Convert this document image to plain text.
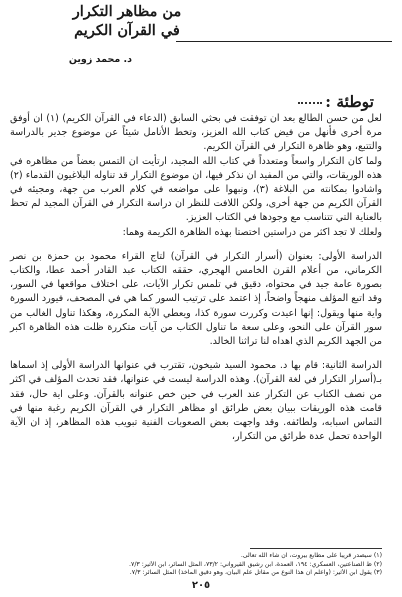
من مظاهر التكرار
في القرآن الكريم
د. محمد زوين
توطئة :

لعل من حسن الطالع بعد ان توفقت في بحثي السابق (الدعاء في القرآن الكريم) (١) ان أوفق مرة أخرى فأنهل من فيض كتاب الله العزيز، وتخط الأنامل شيئاً عن موضوع جدير بالدراسة والتتبع، وهو ظاهرة التكرار في القرآن الكريم.

ولما كان التكرار واسعاً ومتعدداً في كتاب الله المجيد، ارتأيت ان التمس بعضاً من مظاهره في هذه الوريقات، والتي من المفيد ان نذكر فيها، ان موضوع التكرار قد تناوله البلاغيون القدماء (٢) واشادوا بمكانته من البلاغة (٣)، ونبهوا على مواضعه في كلام العرب من جهة، ومجيئه في القرآن الكريم من جهة أخرى، ولكن اللافت للنظر ان دراسة التكرار في القرآن المجيد لم تحظ بالعناية التي تتناسب مع وجودها في الكتاب العزيز.

ولعلك لا تجد اكثر من دراستين اختصتا بهذه الظاهرة الكريمة وهما:

الدراسة الأولى: بعنوان (أسرار التكرار في القرآن) لتاج القراء محمود بن حمزة بن نصر الكرماني، من أعلام القرن الخامس الهجري، حققه الكتاب عبد القادر أحمد عطا، والكتاب بصورة عامة جيد في محتواه، دقيق في تلمس تكرار الآيات، على اختلاف مواقعها في السور، وقد اتبع المؤلف منهجاً واضحاً، إذ اعتمد على ترتيب السور كما هي في المصحف، فيورد السورة واية منها ويقول: إنها اعيدت وكررت سورة كذا، ويعطي الآية المكررة، وهكذا تناول الغالب من سور القرآن على النحو، وعلى سعة ما تناول الكتاب من آيات متكررة ظلت هذه الظاهرة اكبر من الجهد الكريم الذي اهداه لنا تراثنا الخالد.

الدراسة الثانية: قام بها د. محمود السيد شيخون، تقترب في عنوانها الدراسة الأولى إذ اسماها بـ(أسرار التكرار في لغة القرآن). وهذه الدراسة ليست في عنوانها، فقد تحدث المؤلف في اكثر من نصف الكتاب عن التكرار عند العرب في حين خص عنوانه بالقرآن. وعلى اية حال، فقد قامت هذه الوريقات ببيان بعض طرائق او مظاهر التكرار في القرآن الكريم رغبة منها في التماس اسبابه، ولطائفه. وقد واجهت بعض الصعوبات الفنية تبويب هذه المظاهر، إذ ان الآية الواحدة تحمل عدة طرائق من التكرار،

(١) سيصدر قريباً على مطابع بيروت، ان شاء الله تعالى.
(٢) ظ الصناعتين، العسكري: ١٩٤، العمدة، ابن رشيق القيرواني: ٧٣/٢، المثل السائر، ابن الأثير: ٧/٣.
(٣) يقول ابن الأثير: (واعلم ان هذا النوع من مقاتل علم البيان، وهو دقيق المأخذ) المثل السائر: ٧/٣.
٢٠٥
